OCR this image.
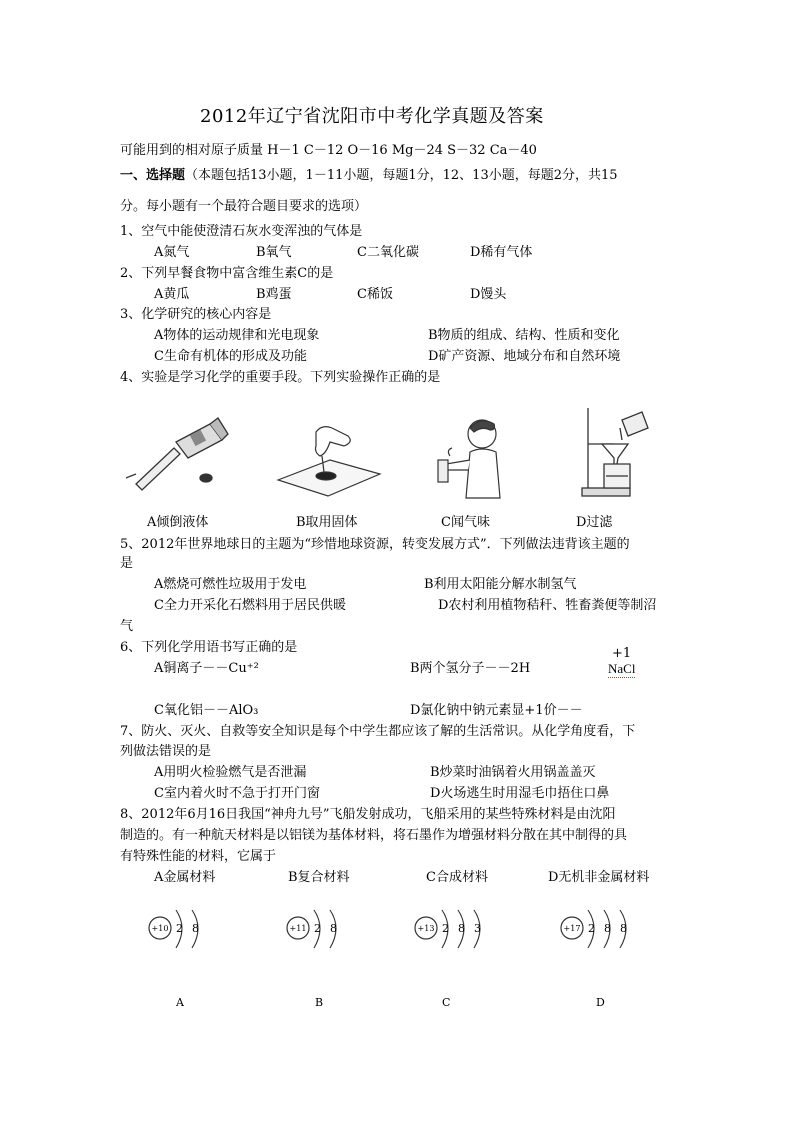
2012年辽宁省沈阳市中考化学真题及答案
可能用到的相对原子质量 H－1 C－12 O－16 Mg－24 S－32 Ca－40
一、选择题（本题包括13小题，1－11小题，每题1分，12、13小题，每题2分，共15
分。每小题有一个最符合题目要求的选项）
1、空气中能使澄清石灰水变浑浊的气体是
A氮气	B氧气	C二氧化碳	D稀有气体
2、下列早餐食物中富含维生素C的是
A黄瓜	B鸡蛋	C稀饭	D馒头
3、化学研究的核心内容是
A物体的运动规律和光电现象	B物质的组成、结构、性质和变化
C生命有机体的形成及功能	D矿产资源、地域分布和自然环境
4、实验是学习化学的重要手段。下列实验操作正确的是
A倾倒液体	B取用固体	C闻气味	D过滤
5、2012年世界地球日的主题为“珍惜地球资源，转变发展方式”．下列做法违背该主题的
是
A燃烧可燃性垃圾用于发电	B利用太阳能分解水制氢气
C全力开采化石燃料用于居民供暖	D农村利用植物秸秆、牲畜粪便等制沼
气
6、下列化学用语书写正确的是
A铜离子－－Cu⁺²	B两个氢分子－－2H
+1
NaCl
C氧化铝－－AlO₃	D氯化钠中钠元素显+1价－－
7、防火、灭火、自救等安全知识是每个中学生都应该了解的生活常识。从化学角度看，下
列做法错误的是
A用明火检验燃气是否泄漏	B炒菜时油锅着火用锅盖盖灭
C室内着火时不急于打开门窗	D火场逃生时用湿毛巾捂住口鼻
8、2012年6月16日我国“神舟九号”飞船发射成功，飞船采用的某些特殊材料是由沈阳
制造的。有一种航天材料是以铝镁为基体材料，将石墨作为增强材料分散在其中制得的具
有特殊性能的材料，它属于
A金属材料	B复合材料	C合成材料	D无机非金属材料
+10 2 8
A
+11 2 8
B
+13 2 8 3
C
+17 2 8 8
D
